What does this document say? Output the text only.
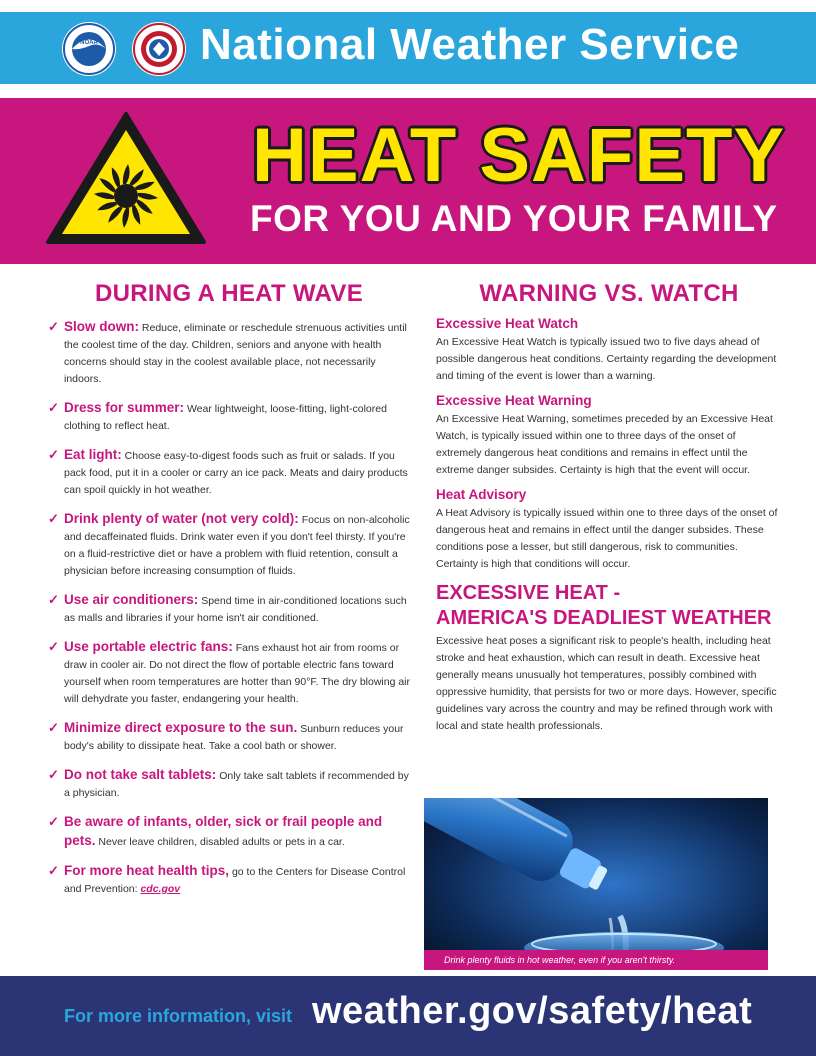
NOAA National Weather Service
HEAT SAFETY
FOR YOU AND YOUR FAMILY
DURING A HEAT WAVE
✓ Slow down: Reduce, eliminate or reschedule strenuous activities until the coolest time of the day. Children, seniors and anyone with health concerns should stay in the coolest available place, not necessarily indoors.
✓ Dress for summer: Wear lightweight, loose-fitting, light-colored clothing to reflect heat.
✓ Eat light: Choose easy-to-digest foods such as fruit or salads. If you pack food, put it in a cooler or carry an ice pack. Meats and dairy products can spoil quickly in hot weather.
✓ Drink plenty of water (not very cold): Focus on non-alcoholic and decaffeinated fluids. Drink water even if you don't feel thirsty. If you're on a fluid-restrictive diet or have a problem with fluid retention, consult a physician before increasing consumption of fluids.
✓ Use air conditioners: Spend time in air-conditioned locations such as malls and libraries if your home isn't air conditioned.
✓ Use portable electric fans: Fans exhaust hot air from rooms or draw in cooler air. Do not direct the flow of portable electric fans toward yourself when room temperatures are hotter than 90°F. The dry blowing air will dehydrate you faster, endangering your health.
✓ Minimize direct exposure to the sun. Sunburn reduces your body's ability to dissipate heat. Take a cool bath or shower.
✓ Do not take salt tablets: Only take salt tablets if recommended by a physician.
✓ Be aware of infants, older, sick or frail people and pets. Never leave children, disabled adults or pets in a car.
✓ For more heat health tips, go to the Centers for Disease Control and Prevention: cdc.gov
WARNING VS. WATCH
Excessive Heat Watch
An Excessive Heat Watch is typically issued two to five days ahead of possible dangerous heat conditions. Certainty regarding the development and timing of the event is lower than a warning.
Excessive Heat Warning
An Excessive Heat Warning, sometimes preceded by an Excessive Heat Watch, is typically issued within one to three days of the onset of extremely dangerous heat conditions and remains in effect until the extreme danger subsides. Certainty is high that the event will occur.
Heat Advisory
A Heat Advisory is typically issued within one to three days of the onset of dangerous heat and remains in effect until the danger subsides. These conditions pose a lesser, but still dangerous, risk to communities. Certainty is high that conditions will occur.
EXCESSIVE HEAT -
AMERICA'S DEADLIEST WEATHER
Excessive heat poses a significant risk to people's health, including heat stroke and heat exhaustion, which can result in death. Excessive heat generally means unusually hot temperatures, possibly combined with oppressive humidity, that persists for two or more days. However, specific guidelines vary across the country and may be refined through work with local and state health professionals.
Drink plenty fluids in hot weather, even if you aren't thirsty.
For more information, visit weather.gov/safety/heat
